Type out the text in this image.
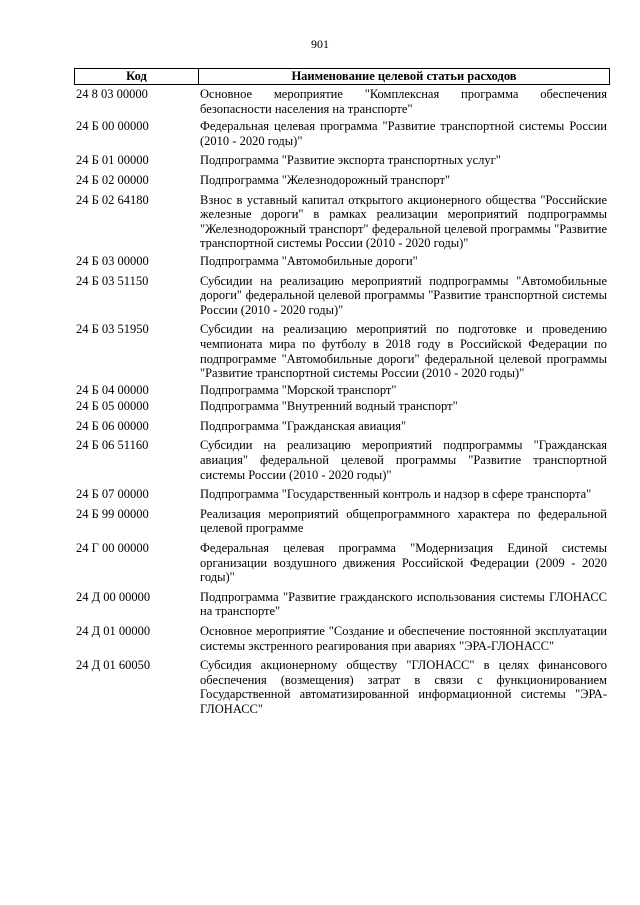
901
Код	Наименование целевой статьи расходов
24 8 03 00000	Основное мероприятие "Комплексная программа обеспечения безопасности населения на транспорте"
24 Б 00 00000	Федеральная целевая программа "Развитие транспортной системы России (2010 - 2020 годы)"
24 Б 01 00000	Подпрограмма "Развитие экспорта транспортных услуг"
24 Б 02 00000	Подпрограмма "Железнодорожный транспорт"
24 Б 02 64180	Взнос в уставный капитал открытого акционерного общества "Российские железные дороги" в рамках реализации мероприятий подпрограммы "Железнодорожный транспорт" федеральной целевой программы "Развитие транспортной системы России (2010 - 2020 годы)"
24 Б 03 00000	Подпрограмма "Автомобильные дороги"
24 Б 03 51150	Субсидии на реализацию мероприятий подпрограммы "Автомобильные дороги" федеральной целевой программы "Развитие транспортной системы России (2010 - 2020 годы)"
24 Б 03 51950	Субсидии на реализацию мероприятий по подготовке и проведению чемпионата мира по футболу в 2018 году в Российской Федерации по подпрограмме "Автомобильные дороги" федеральной целевой программы "Развитие транспортной системы России (2010 - 2020 годы)"
24 Б 04 00000	Подпрограмма "Морской транспорт"
24 Б 05 00000	Подпрограмма "Внутренний водный транспорт"
24 Б 06 00000	Подпрограмма "Гражданская авиация"
24 Б 06 51160	Субсидии на реализацию мероприятий подпрограммы "Гражданская авиация" федеральной целевой программы "Развитие транспортной системы России (2010 - 2020 годы)"
24 Б 07 00000	Подпрограмма "Государственный контроль и надзор в сфере транспорта"
24 Б 99 00000	Реализация мероприятий общепрограммного характера по федеральной целевой программе
24 Г 00 00000	Федеральная целевая программа "Модернизация Единой системы организации воздушного движения Российской Федерации (2009 - 2020 годы)"
24 Д 00 00000	Подпрограмма "Развитие гражданского использования системы ГЛОНАСС на транспорте"
24 Д 01 00000	Основное мероприятие "Создание и обеспечение постоянной эксплуатации системы экстренного реагирования при авариях "ЭРА-ГЛОНАСС"
24 Д 01 60050	Субсидия акционерному обществу "ГЛОНАСС" в целях финансового обеспечения (возмещения) затрат в связи с функционированием Государственной автоматизированной информационной системы "ЭРА-ГЛОНАСС"
